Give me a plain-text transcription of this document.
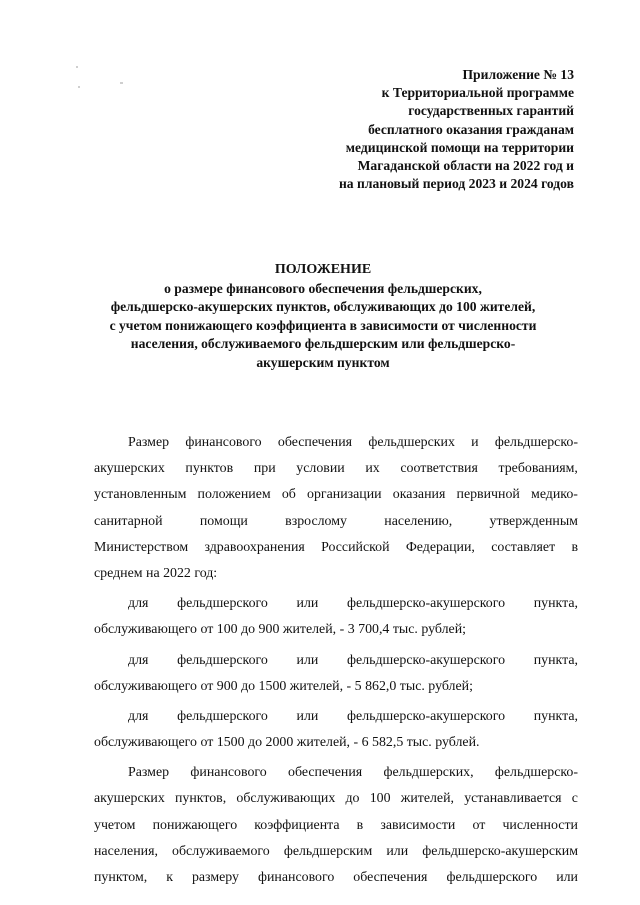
Приложение № 13
к Территориальной программе
государственных гарантий
бесплатного оказания гражданам
медицинской помощи на территории
Магаданской области на 2022 год и
на плановый период 2023 и 2024 годов
ПОЛОЖЕНИЕ
о размере финансового обеспечения фельдшерских,
фельдшерско-акушерских пунктов, обслуживающих до 100 жителей,
с учетом понижающего коэффициента в зависимости от численности
населения, обслуживаемого фельдшерским или фельдшерско-
акушерским пунктом
Размер финансового обеспечения фельдшерских и фельдшерско-
акушерских пунктов при условии их соответствия требованиям,
установленным положением об организации оказания первичной медико-
санитарной	помощи	взрослому	населению,	утвержденным
Министерством здравоохранения Российской Федерации, составляет в
среднем на 2022 год:
для фельдшерского или фельдшерско-акушерского пункта,
обслуживающего от 100 до 900 жителей, - 3 700,4 тыс. рублей;
для фельдшерского или фельдшерско-акушерского пункта,
обслуживающего от 900 до 1500 жителей, - 5 862,0 тыс. рублей;
для фельдшерского или фельдшерско-акушерского пункта,
обслуживающего от 1500 до 2000 жителей, - 6 582,5 тыс. рублей.
Размер финансового обеспечения фельдшерских, фельдшерско-
акушерских пунктов, обслуживающих до 100 жителей, устанавливается с
учетом понижающего коэффициента в зависимости от численности
населения, обслуживаемого фельдшерским или фельдшерско-акушерским
пунктом, к размеру финансового обеспечения фельдшерского или
